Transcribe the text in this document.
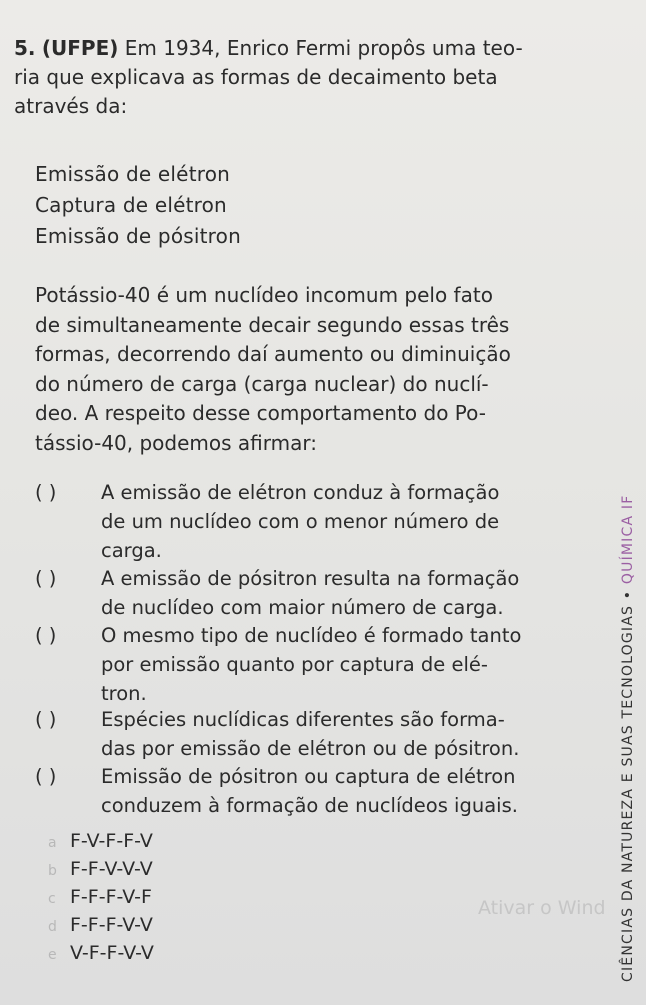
5. (UFPE) Em 1934, Enrico Fermi propôs uma teo-
ria que explicava as formas de decaimento beta
através da:
Emissão de elétron
Captura de elétron
Emissão de pósitron
Potássio-40 é um nuclídeo incomum pelo fato
de simultaneamente decair segundo essas três
formas, decorrendo daí aumento ou diminuição
do número de carga (carga nuclear) do nuclí-
deo. A respeito desse comportamento do Po-
tássio-40, podemos afirmar:
( ) A emissão de elétron conduz à formação
de um nuclídeo com o menor número de
carga.
( ) A emissão de pósitron resulta na formação
de nuclídeo com maior número de carga.
( ) O mesmo tipo de nuclídeo é formado tanto
por emissão quanto por captura de elé-
tron.
( ) Espécies nuclídicas diferentes são forma-
das por emissão de elétron ou de pósitron.
( ) Emissão de pósitron ou captura de elétron
conduzem à formação de nuclídeos iguais.
a F-V-F-F-V
b F-F-V-V-V
c F-F-F-V-F
d F-F-F-V-V
e V-F-F-V-V
Ativar o Wind CIÊNCIAS DA NATUREZA E SUAS TECNOLOGIAS • QUÍMICA IF
